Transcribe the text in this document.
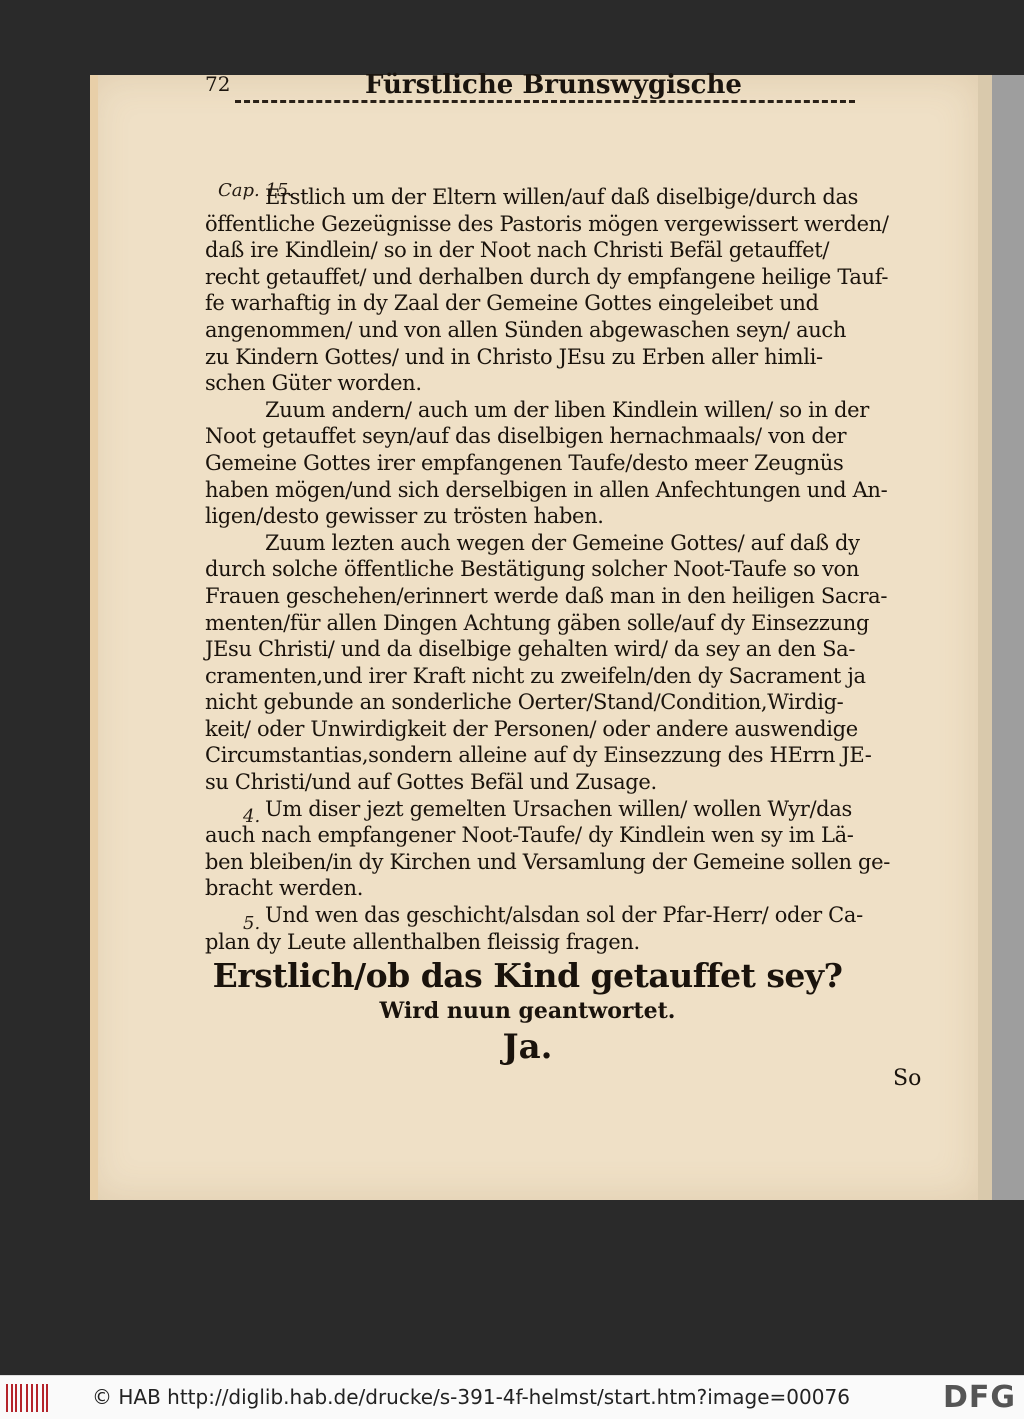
72	Fürstliche Brunswygische
Cap. 15.
4.
5.
Erstlich um der Eltern willen/auf daß diselbige/durch das
öffentliche Gezeügnisse des Pastoris mögen vergewissert werden/
daß ire Kindlein/ so in der Noot nach Christi Befäl getauffet/
recht getauffet/ und derhalben durch dy empfangene heilige Tauf-
fe warhaftig in dy Zaal der Gemeine Gottes eingeleibet und
angenommen/ und von allen Sünden abgewaschen seyn/ auch
zu Kindern Gottes/ und in Christo JEsu zu Erben aller himli-
schen Güter worden.
Zuum andern/ auch um der liben Kindlein willen/ so in der
Noot getauffet seyn/auf das diselbigen hernachmaals/ von der
Gemeine Gottes irer empfangenen Taufe/desto meer Zeugnüs
haben mögen/und sich derselbigen in allen Anfechtungen und An-
ligen/desto gewisser zu trösten haben.
Zuum lezten auch wegen der Gemeine Gottes/ auf daß dy
durch solche öffentliche Bestätigung solcher Noot-Taufe so von
Frauen geschehen/erinnert werde daß man in den heiligen Sacra-
menten/für allen Dingen Achtung gäben solle/auf dy Einsezzung
JEsu Christi/ und da diselbige gehalten wird/ da sey an den Sa-
cramenten,und irer Kraft nicht zu zweifeln/den dy Sacrament ja
nicht gebunde an sonderliche Oerter/Stand/Condition,Wirdig-
keit/ oder Unwirdigkeit der Personen/ oder andere auswendige
Circumstantias,sondern alleine auf dy Einsezzung des HErrn JE-
su Christi/und auf Gottes Befäl und Zusage.
Um diser jezt gemelten Ursachen willen/ wollen Wyr/das
auch nach empfangener Noot-Taufe/ dy Kindlein wen sy im Lä-
ben bleiben/in dy Kirchen und Versamlung der Gemeine sollen ge-
bracht werden.
Und wen das geschicht/alsdan sol der Pfar-Herr/ oder Ca-
plan dy Leute allenthalben fleissig fragen.
Erstlich/ob das Kind getauffet sey?
Wird nuun geantwortet.
Ja.
So
© HAB http://diglib.hab.de/drucke/s-391-4f-helmst/start.htm?image=00076	DFG
